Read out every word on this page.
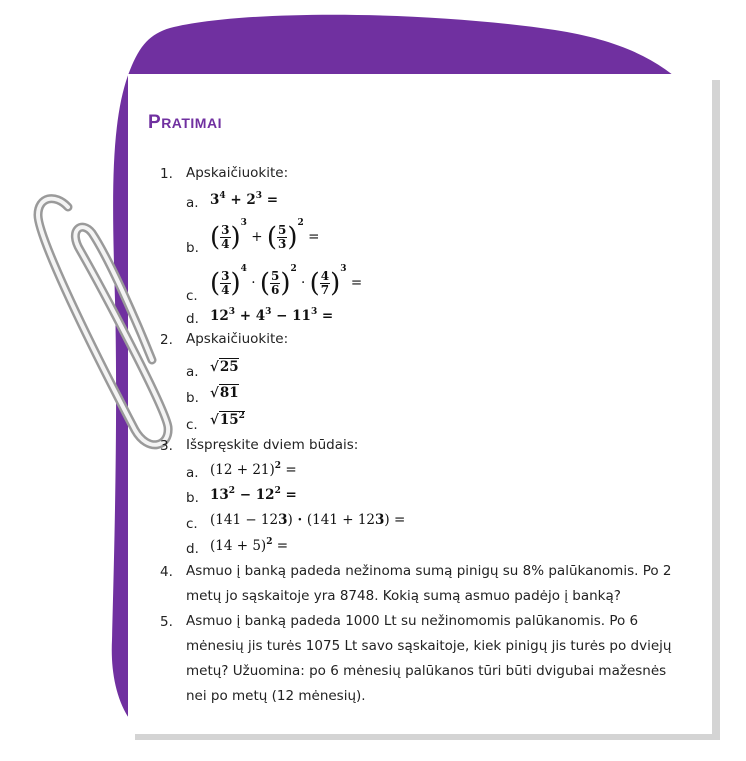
PRATIMAI
1. Apskaičiuokite:
a. $3^4 + 2^3$ =
b. ( $\frac{3}{4} )^3$ + ( $\frac{5}{3} )^2$ =
c. ( $\frac{3}{4} )^4$ · ( $\frac{5}{6} )^2$ · ( $\frac{4}{7} )^3$ =
d. $12^3 + 4^3 - 11^3$ =
2. Apskaičiuokite:
a. √25
b. √81
c. $√15^2$
3. Išspręskite dviem būdais:
a. $(12 + 21)^2$ =
b. $13^2 - 12^2$ =
c. (141 − 123) · (141 + 123) =
d. $(14 + 5)^2$ =
4. Asmuo į banką padeda nežinoma sumą pinigų su 8% palūkanomis. Po 2
metų jo sąskaitoje yra 8748. Kokią sumą asmuo padėjo į banką?
5. Asmuo į banką padeda 1000 Lt su nežinomomis palūkanomis. Po 6
mėnesių jis turės 1075 Lt savo sąskaitoje, kiek pinigų jis turės po dviejų
metų? Užuomina: po 6 mėnesių palūkanos tūri būti dvigubai mažesnės
nei po metų (12 mėnesių).
